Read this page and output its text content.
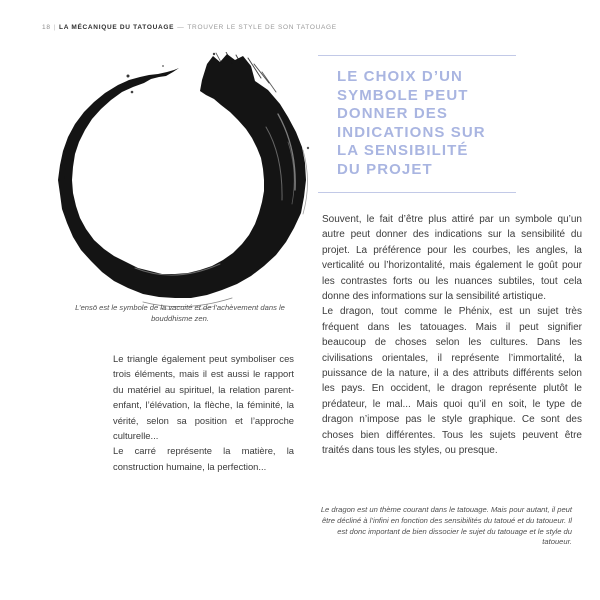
18 | LA MÉCANIQUE DU TATOUAGE — TROUVER LE STYLE DE SON TATOUAGE
L’ensō est le symbole de la vacuité et de l’achèvement dans le bouddhisme zen.

Le triangle également peut symboliser ces trois éléments, mais il est aussi le rapport du matériel au spirituel, la relation parent-enfant, l’élévation, la flèche, la féminité, la vérité, selon sa position et l’approche culturelle...

Le carré représente la matière, la construction humaine, la perfection...

LE CHOIX D’UN
SYMBOLE PEUT
DONNER DES
INDICATIONS SUR
LA SENSIBILITÉ
DU PROJET

Souvent, le fait d’être plus attiré par un symbole qu’un autre peut donner des indications sur la sensibilité du projet. La préférence pour les courbes, les angles, la verticalité ou l’horizontalité, mais également le goût pour les contrastes forts ou les nuances subtiles, tout cela donne des informations sur la sensibilité artistique.

Le dragon, tout comme le Phénix, est un sujet très fréquent dans les tatouages. Mais il peut signifier beaucoup de choses selon les cultures. Dans les civilisations orientales, il représente l’immortalité, la puissance de la nature, il a des attributs différents selon les pays. En occident, le dragon représente plutôt le prédateur, le mal... Mais quoi qu’il en soit, le type de dragon n’impose pas le style graphique. Ce sont des choses bien différentes. Tous les sujets peuvent être traités dans tous les styles, ou presque.

Le dragon est un thème courant dans le tatouage. Mais pour autant, il peut être décliné à l’infini en fonction des sensibilités du tatoué et du tatoueur. Il est donc important de bien dissocier le sujet du tatouage et le style du tatoueur.
